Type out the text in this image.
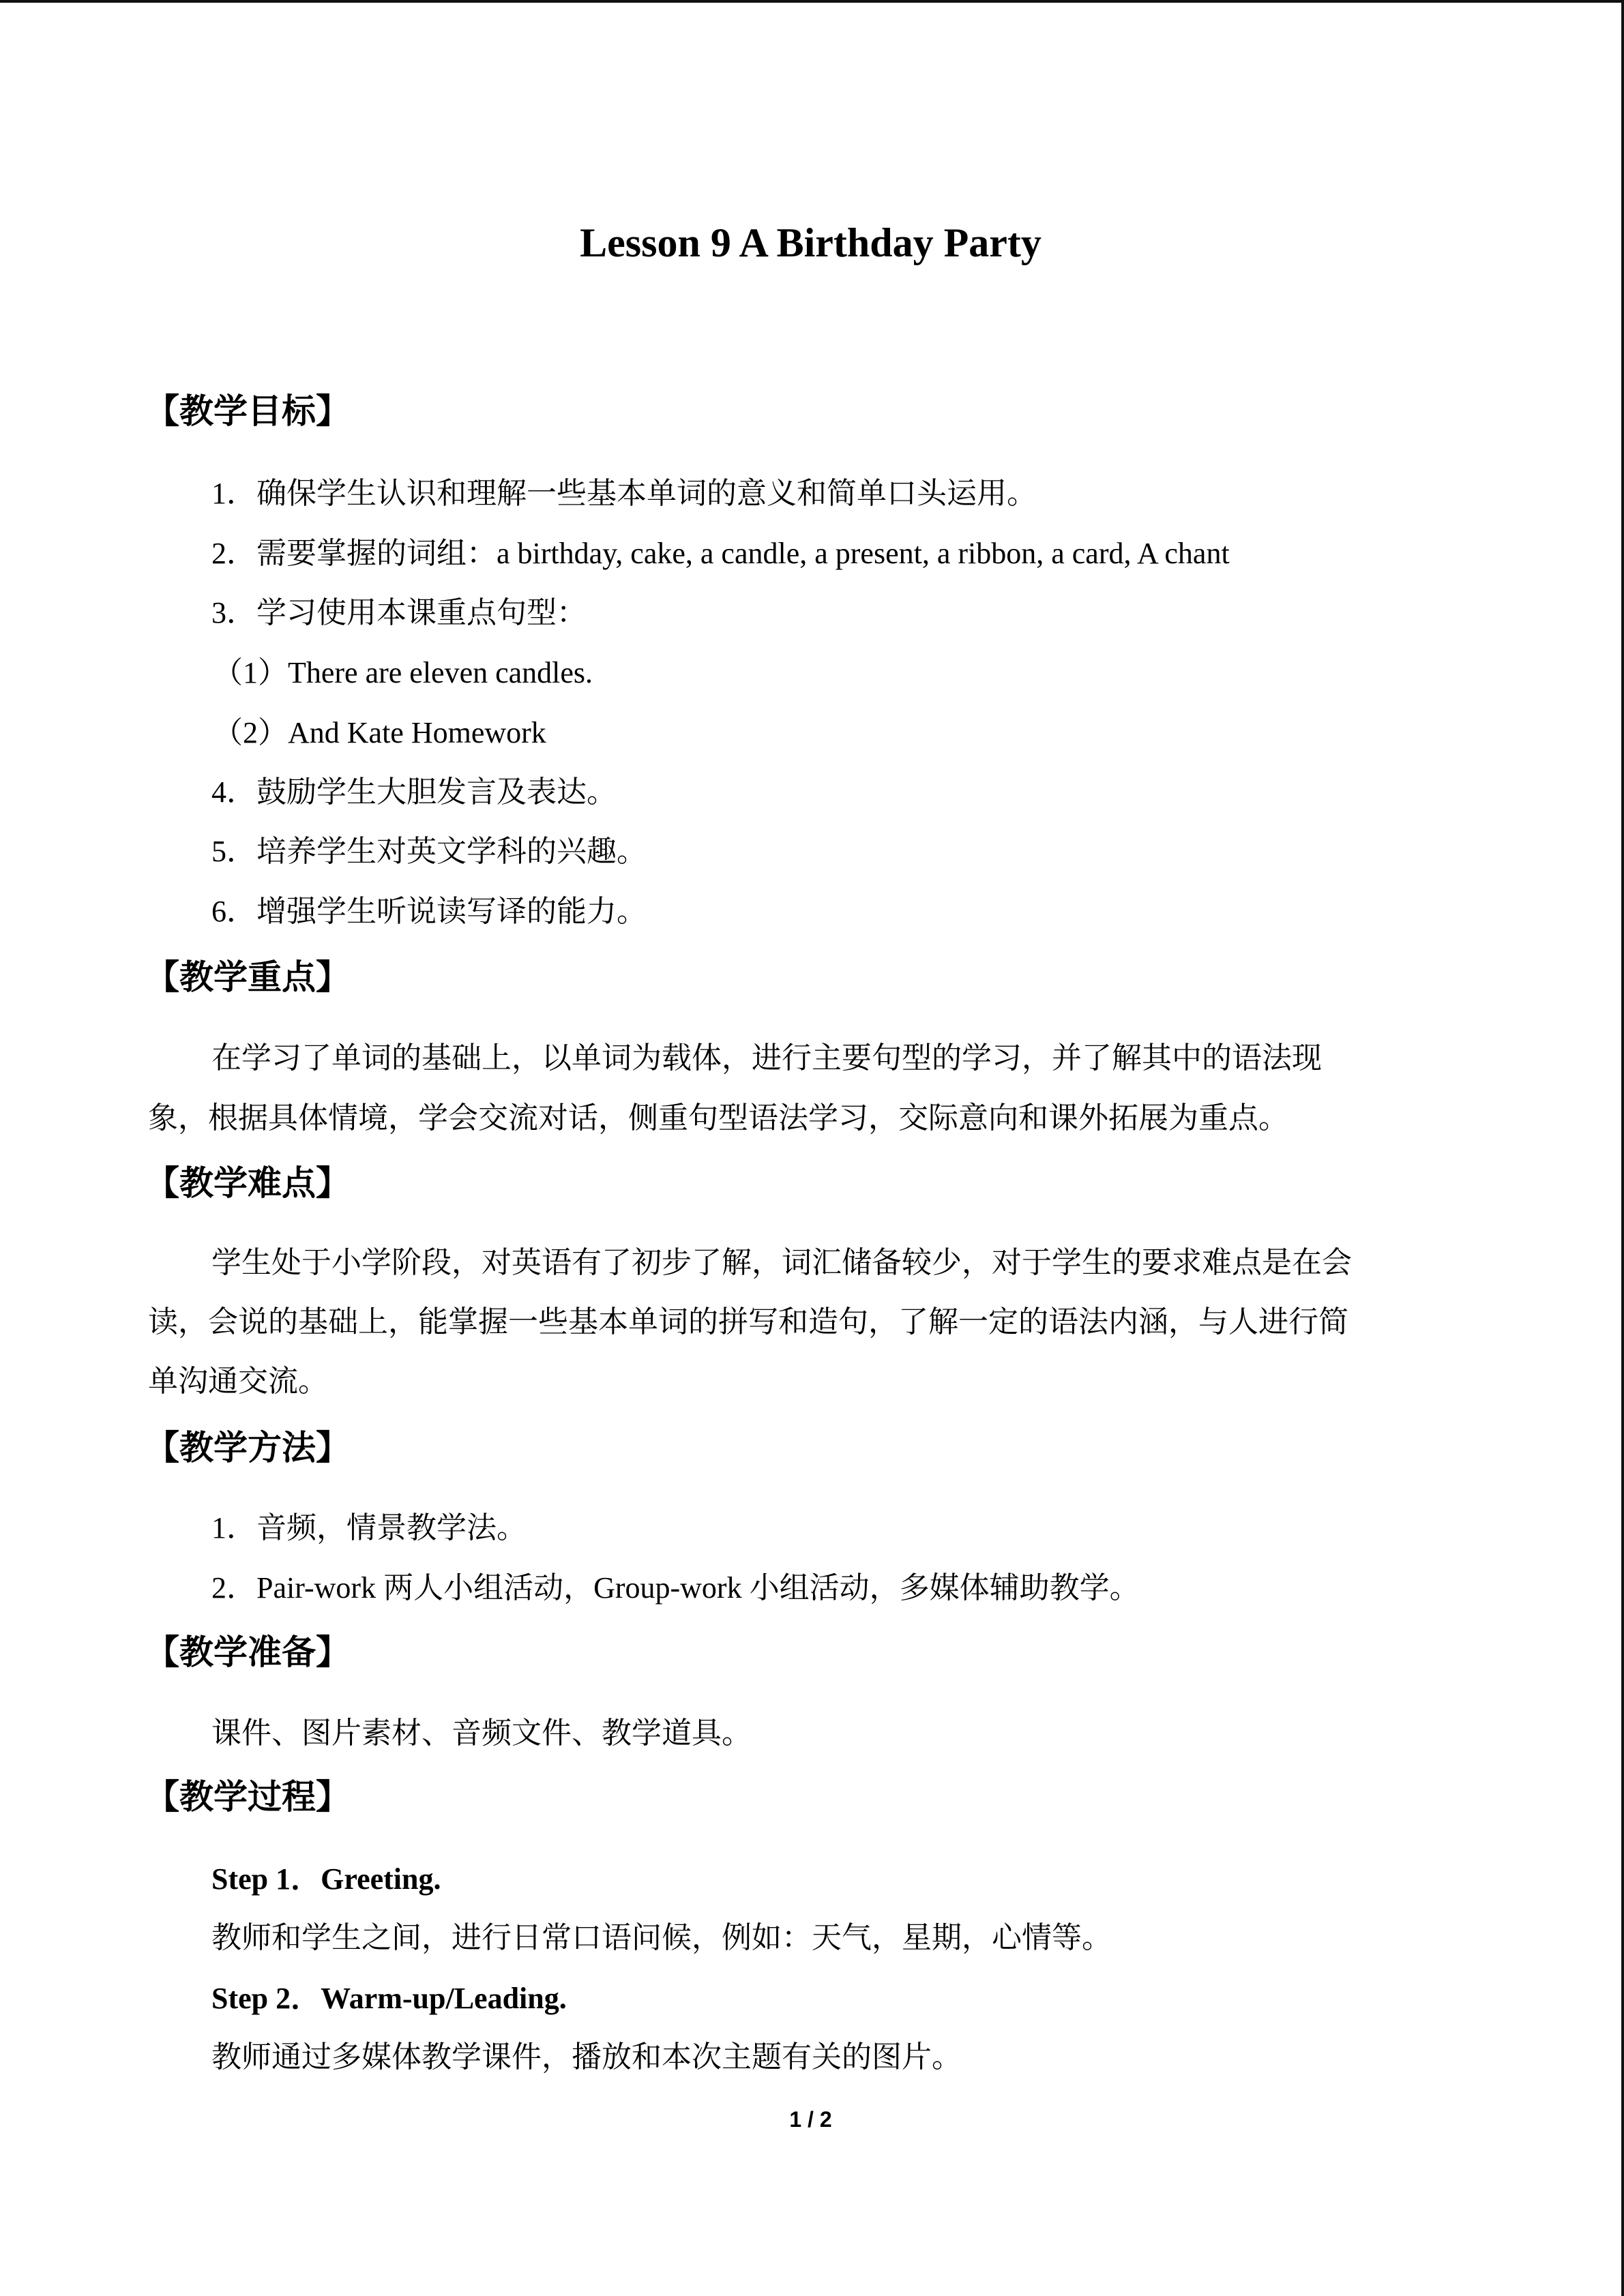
Lesson 9 A Birthday Party
【教学目标】
1．确保学生认识和理解一些基本单词的意义和简单口头运用。
2．需要掌握的词组：a birthday, cake, a candle, a present, a ribbon, a card, A chant
3．学习使用本课重点句型：
（1）There are eleven candles.
（2）And Kate Homework
4．鼓励学生大胆发言及表达。
5．培养学生对英文学科的兴趣。
6．增强学生听说读写译的能力。
【教学重点】
在学习了单词的基础上，以单词为载体，进行主要句型的学习，并了解其中的语法现
象，根据具体情境，学会交流对话，侧重句型语法学习，交际意向和课外拓展为重点。
【教学难点】
学生处于小学阶段，对英语有了初步了解，词汇储备较少，对于学生的要求难点是在会
读，会说的基础上，能掌握一些基本单词的拼写和造句，了解一定的语法内涵，与人进行简
单沟通交流。
【教学方法】
1．音频，情景教学法。
2．Pair-work 两人小组活动，Group-work 小组活动，多媒体辅助教学。
【教学准备】
课件、图片素材、音频文件、教学道具。
【教学过程】
Step 1．Greeting.
教师和学生之间，进行日常口语问候，例如：天气，星期，心情等。
Step 2．Warm-up/Leading.
教师通过多媒体教学课件，播放和本次主题有关的图片。
1 / 2
